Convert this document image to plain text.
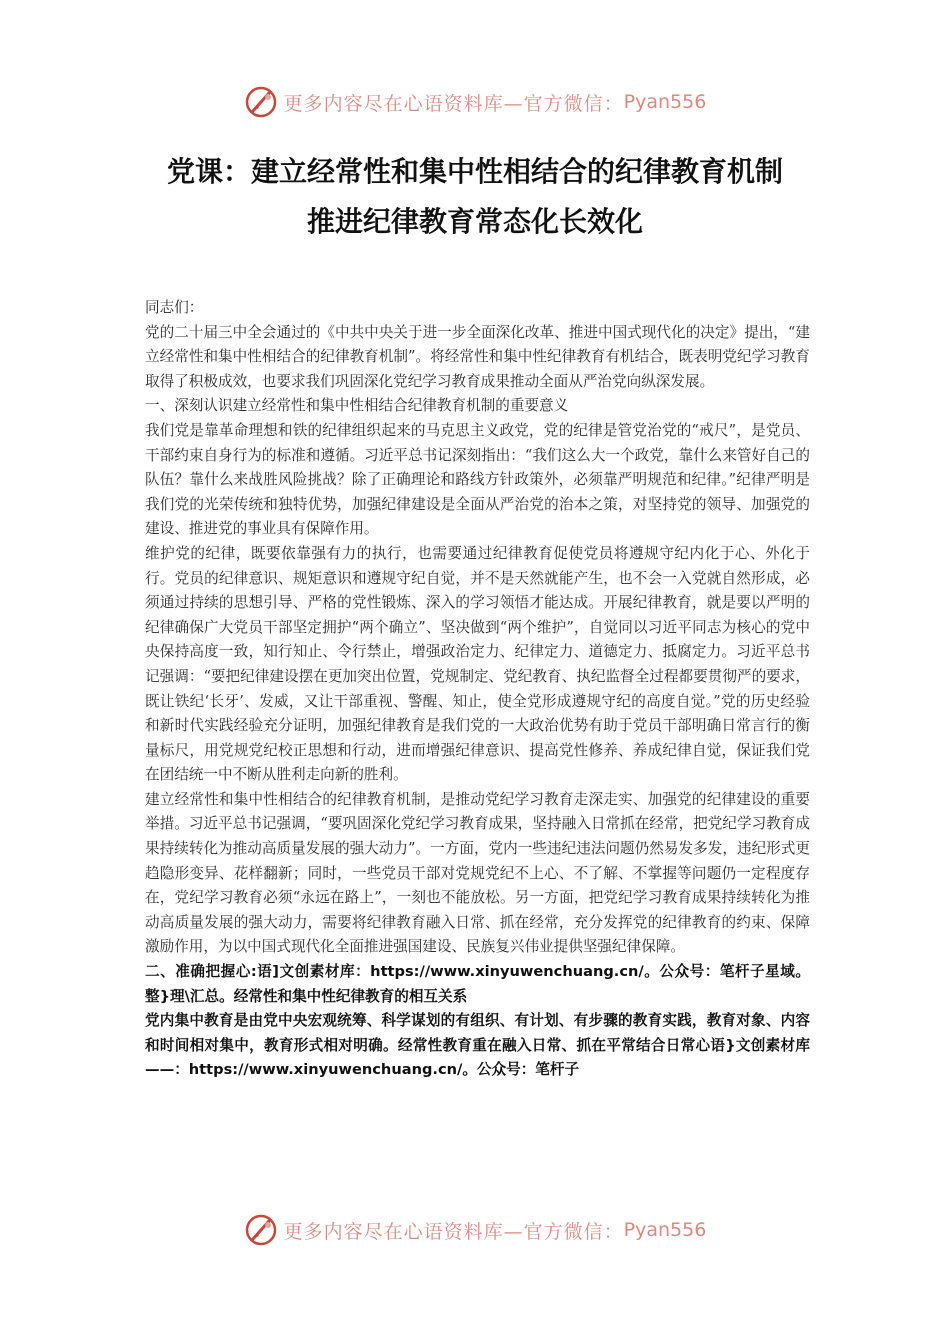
更多内容尽在心语资料库—官方微信： Pyan556
党课：建立经常性和集中性相结合的纪律教育机制
推进纪律教育常态化长效化

同志们：

党的二十届三中全会通过的《中共中央关于进一步全面深化改革、推进中国式现代化的决定》提出，“建立经常性和集中性相结合的纪律教育机制”。将经常性和集中性纪律教育有机结合，既表明党纪学习教育取得了积极成效，也要求我们巩固深化党纪学习教育成果推动全面从严治党向纵深发展。

一、深刻认识建立经常性和集中性相结合纪律教育机制的重要意义

我们党是靠革命理想和铁的纪律组织起来的马克思主义政党，党的纪律是管党治党的“戒尺”，是党员、干部约束自身行为的标准和遵循。习近平总书记深刻指出：“我们这么大一个政党，靠什么来管好自己的队伍？靠什么来战胜风险挑战？除了正确理论和路线方针政策外，必须靠严明规范和纪律。”纪律严明是我们党的光荣传统和独特优势，加强纪律建设是全面从严治党的治本之策，对坚持党的领导、加强党的建设、推进党的事业具有保障作用。

维护党的纪律，既要依靠强有力的执行，也需要通过纪律教育促使党员将遵规守纪内化于心、外化于行。党员的纪律意识、规矩意识和遵规守纪自觉，并不是天然就能产生，也不会一入党就自然形成，必须通过持续的思想引导、严格的党性锻炼、深入的学习领悟才能达成。开展纪律教育，就是要以严明的纪律确保广大党员干部坚定拥护“两个确立”、坚决做到“两个维护”，自觉同以习近平同志为核心的党中央保持高度一致，知行知止、令行禁止，增强政治定力、纪律定力、道德定力、抵腐定力。习近平总书记强调：“要把纪律建设摆在更加突出位置，党规制定、党纪教育、执纪监督全过程都要贯彻严的要求，既让铁纪‘长牙’、发威，又让干部重视、警醒、知止，使全党形成遵规守纪的高度自觉。”党的历史经验和新时代实践经验充分证明，加强纪律教育是我们党的一大政治优势有助于党员干部明确日常言行的衡量标尺，用党规党纪校正思想和行动，进而增强纪律意识、提高党性修养、养成纪律自觉，保证我们党在团结统一中不断从胜利走向新的胜利。

建立经常性和集中性相结合的纪律教育机制，是推动党纪学习教育走深走实、加强党的纪律建设的重要举措。习近平总书记强调，“要巩固深化党纪学习教育成果，坚持融入日常抓在经常，把党纪学习教育成果持续转化为推动高质量发展的强大动力”。一方面，党内一些违纪违法问题仍然易发多发，违纪形式更趋隐形变异、花样翻新；同时，一些党员干部对党规党纪不上心、不了解、不掌握等问题仍一定程度存在，党纪学习教育必须“永远在路上”，一刻也不能放松。另一方面，把党纪学习教育成果持续转化为推动高质量发展的强大动力，需要将纪律教育融入日常、抓在经常，充分发挥党的纪律教育的约束、保障激励作用，为以中国式现代化全面推进强国建设、民族复兴伟业提供坚强纪律保障。

二、准确把握心:语]文创素材库：https://www.xinyuwenchuang.cn/。公众号：笔杆子星域。整}理\汇总。经常性和集中性纪律教育的相互关系

党内集中教育是由党中央宏观统筹、科学谋划的有组织、有计划、有步骤的教育实践，教育对象、内容和时间相对集中，教育形式相对明确。经常性教育重在融入日常、抓在平常结合日常心语}文创素材库——：https://www.xinyuwenchuang.cn/。公众号：笔杆子

更多内容尽在心语资料库—官方微信： Pyan556
